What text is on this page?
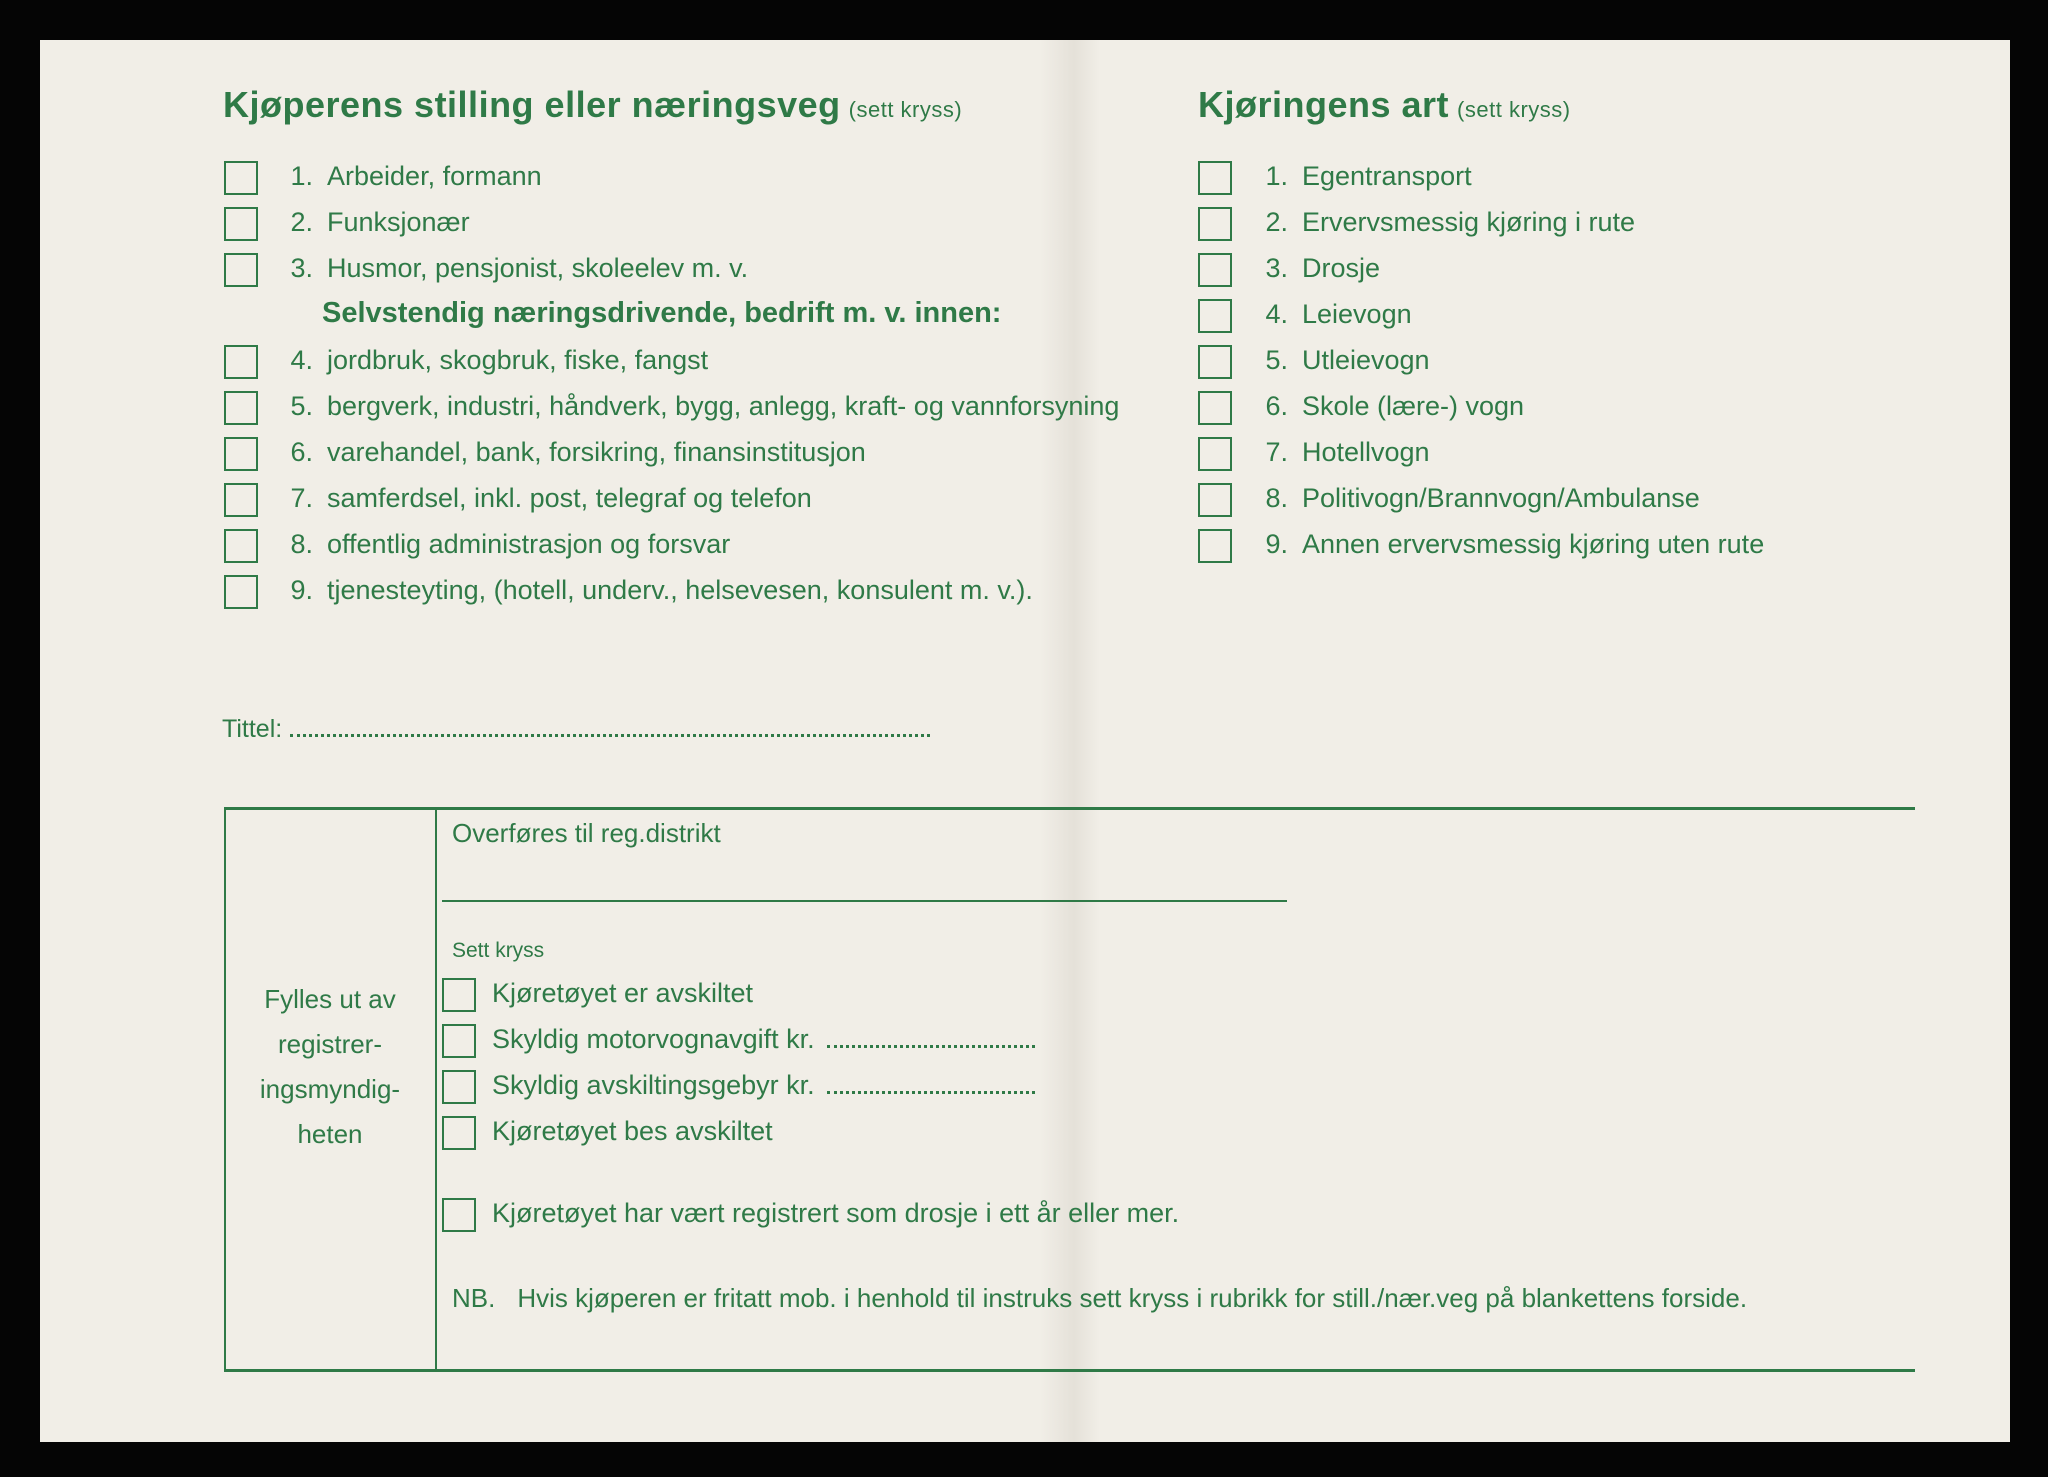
Kjøperens stilling eller næringsveg (sett kryss)
1. Arbeider, formann
2. Funksjonær
3. Husmor, pensjonist, skoleelev m. v.
Selvstendig næringsdrivende, bedrift m. v. innen:
4. jordbruk, skogbruk, fiske, fangst
5. bergverk, industri, håndverk, bygg, anlegg, kraft- og vannforsyning
6. varehandel, bank, forsikring, finansinstitusjon
7. samferdsel, inkl. post, telegraf og telefon
8. offentlig administrasjon og forsvar
9. tjenesteyting, (hotell, underv., helsevesen, konsulent m. v.).
Tittel:
Kjøringens art (sett kryss)
1. Egentransport
2. Ervervsmessig kjøring i rute
3. Drosje
4. Leievogn
5. Utleievogn
6. Skole (lære-) vogn
7. Hotellvogn
8. Politivogn/Brannvogn/Ambulanse
9. Annen ervervsmessig kjøring uten rute
Fylles ut av registrer-ingsmyndig-heten
Overføres til reg.distrikt
Sett kryss
Kjøretøyet er avskiltet
Skyldig motorvognavgift kr.
Skyldig avskiltingsgebyr kr.
Kjøretøyet bes avskiltet
Kjøretøyet har vært registrert som drosje i ett år eller mer.
NB. Hvis kjøperen er fritatt mob. i henhold til instruks sett kryss i rubrikk for still./nær.veg på blankettens forside.
